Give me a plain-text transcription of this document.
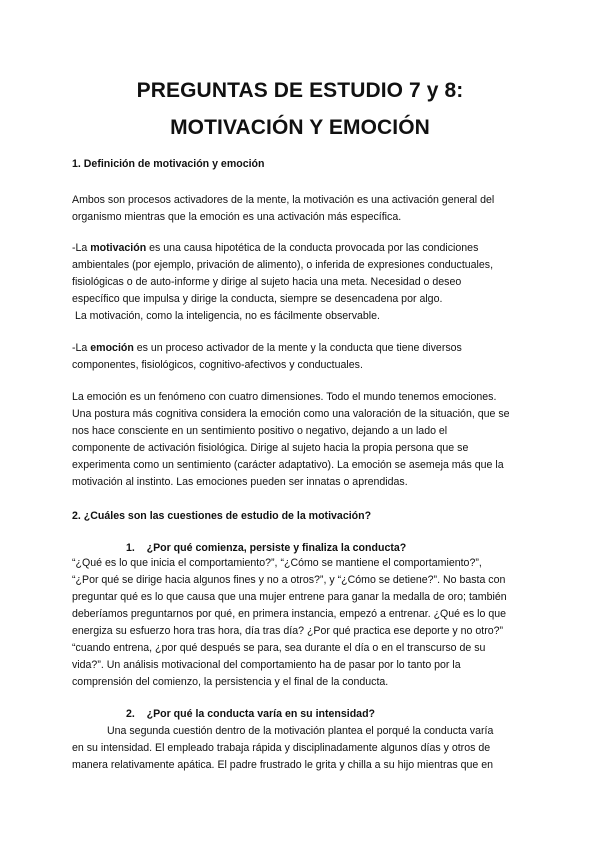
PREGUNTAS DE ESTUDIO 7 y 8:
MOTIVACIÓN Y EMOCIÓN
1. Definición de motivación y emoción
Ambos son procesos activadores de la mente, la motivación es una activación general del
organismo mientras que la emoción es una activación más específica.
-La motivación es una causa hipotética de la conducta provocada por las condiciones
ambientales (por ejemplo, privación de alimento), o inferida de expresiones conductuales,
fisiológicas o de auto-informe y dirige al sujeto hacia una meta. Necesidad o deseo
específico que impulsa y dirige la conducta, siempre se desencadena por algo.
La motivación, como la inteligencia, no es fácilmente observable.
-La emoción es un proceso activador de la mente y la conducta que tiene diversos
componentes, fisiológicos, cognitivo-afectivos y conductuales.
La emoción es un fenómeno con cuatro dimensiones. Todo el mundo tenemos emociones.
Una postura más cognitiva considera la emoción como una valoración de la situación, que se
nos hace consciente en un sentimiento positivo o negativo, dejando a un lado el
componente de activación fisiológica. Dirige al sujeto hacia la propia persona que se
experimenta como un sentimiento (carácter adaptativo). La emoción se asemeja más que la
motivación al instinto. Las emociones pueden ser innatas o aprendidas.
2. ¿Cuáles son las cuestiones de estudio de la motivación?
1.    ¿Por qué comienza, persiste y finaliza la conducta?
“¿Qué es lo que inicia el comportamiento?”, “¿Cómo se mantiene el comportamiento?”,
“¿Por qué se dirige hacia algunos fines y no a otros?”, y “¿Cómo se detiene?”. No basta con
preguntar qué es lo que causa que una mujer entrene para ganar la medalla de oro; también
deberíamos preguntarnos por qué, en primera instancia, empezó a entrenar. ¿Qué es lo que
energiza su esfuerzo hora tras hora, día tras día? ¿Por qué practica ese deporte y no otro?”
“cuando entrena, ¿por qué después se para, sea durante el día o en el transcurso de su
vida?”. Un análisis motivacional del comportamiento ha de pasar por lo tanto por la
comprensión del comienzo, la persistencia y el final de la conducta.
2.    ¿Por qué la conducta varía en su intensidad?
Una segunda cuestión dentro de la motivación plantea el porqué la conducta varía
en su intensidad. El empleado trabaja rápida y disciplinadamente algunos días y otros de
manera relativamente apática. El padre frustrado le grita y chilla a su hijo mientras que en
